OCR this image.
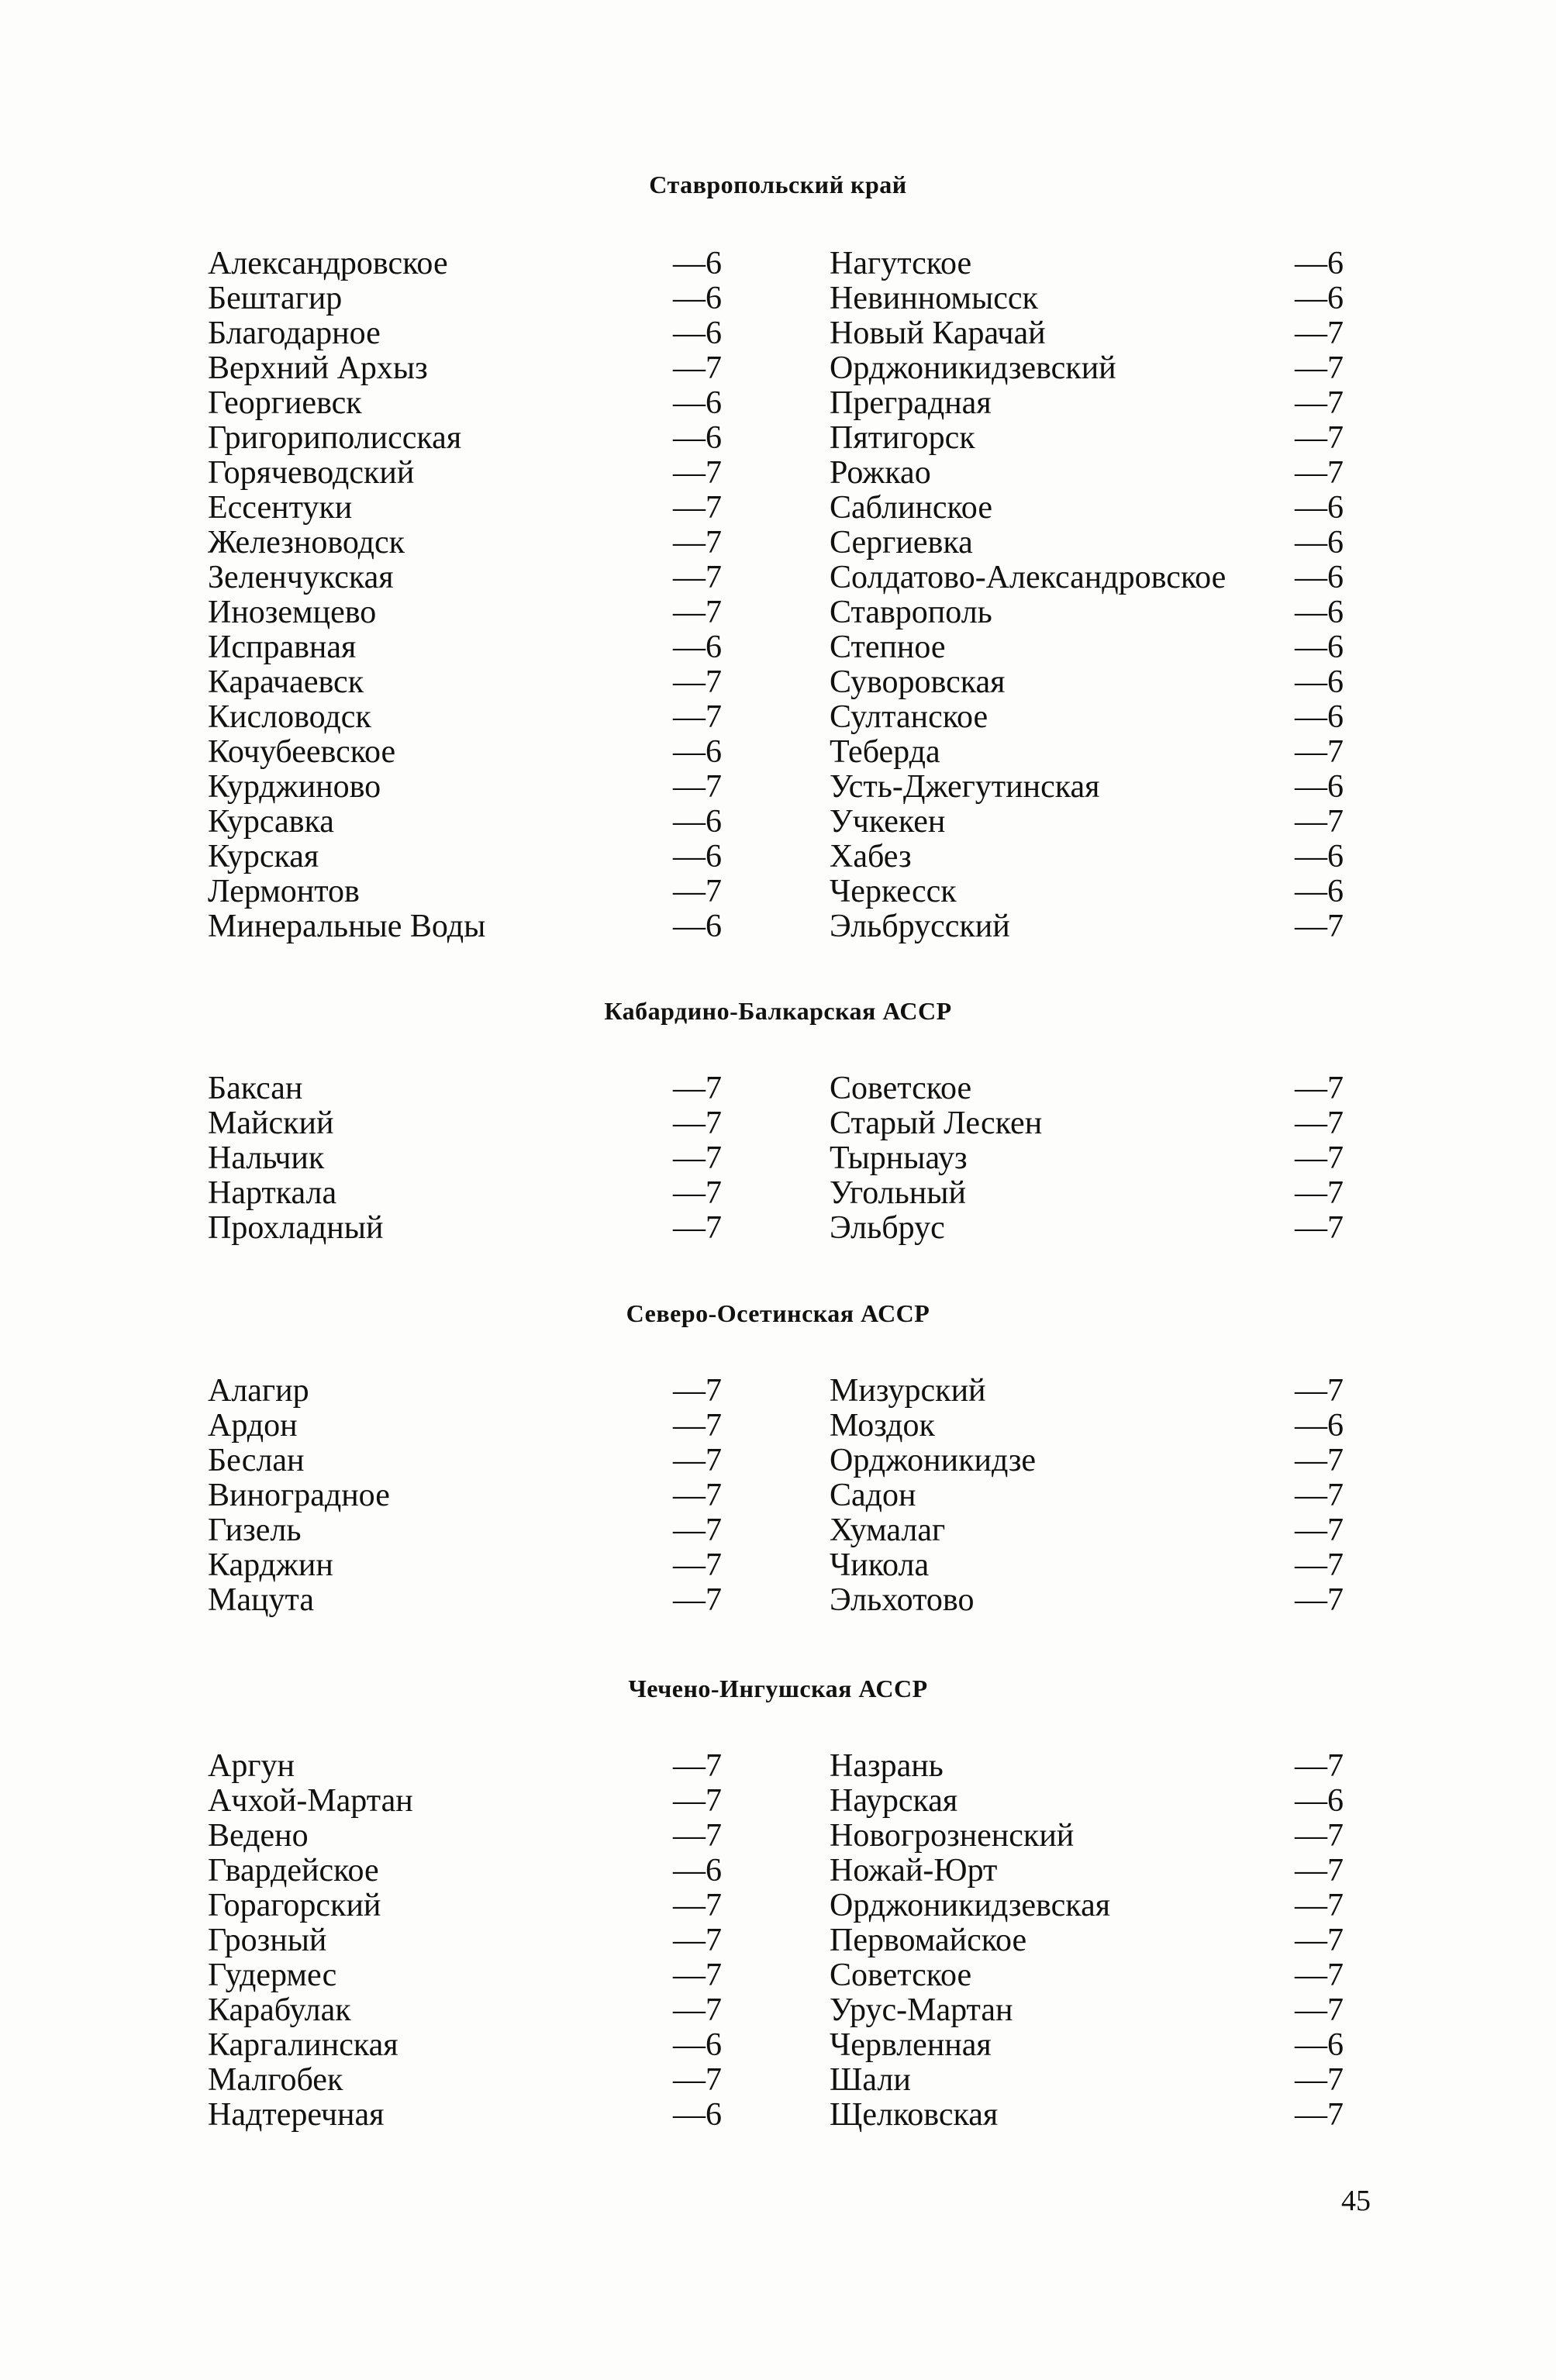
Ставропольский край
Александровское	—6	Нагутское	—6
Бештагир	—6	Невинномысск	—6
Благодарное	—6	Новый Карачай	—7
Верхний Архыз	—7	Орджоникидзевский	—7
Георгиевск	—6	Преградная	—7
Григориполисская	—6	Пятигорск	—7
Горячеводский	—7	Рожкао	—7
Ессентуки	—7	Саблинское	—6
Железноводск	—7	Сергиевка	—6
Зеленчукская	—7	Солдатово-Александровское —6
Иноземцево	—7	Ставрополь	—6
Исправная	—6	Степное	—6
Карачаевск	—7	Суворовская	—6
Кисловодск	—7	Султанское	—6
Кочубеевское	—6	Теберда	—7
Курджиново	—7	Усть-Джегутинская	—6
Курсавка	—6	Учкекен	—7
Курская	—6	Хабез	—6
Лермонтов	—7	Черкесск	—6
Минеральные Воды	—6	Эльбрусский	—7
Кабардино-Балкарская АССР
Баксан	—7	Советское	—7
Майский	—7	Старый Лескен	—7
Нальчик	—7	Тырныауз	—7
Нарткала	—7	Угольный	—7
Прохладный	—7	Эльбрус	—7
Северо-Осетинская АССР
Алагир	—7	Мизурский	—7
Ардон	—7	Моздок	—6
Беслан	—7	Орджоникидзе	—7
Виноградное	—7	Садон	—7
Гизель	—7	Хумалаг	—7
Карджин	—7	Чикола	—7
Мацута	—7	Эльхотово	—7
Чечено-Ингушская АССР
Аргун	—7	Назрань	—7
Ачхой-Мартан	—7	Наурская	—6
Ведено	—7	Новогрозненский	—7
Гвардейское	—6	Ножай-Юрт	—7
Горагорский	—7	Орджоникидзевская	—7
Грозный	—7	Первомайское	—7
Гудермес	—7	Советское	—7
Карабулак	—7	Урус-Мартан	—7
Каргалинская	—6	Червленная	—6
Малгобек	—7	Шали	—7
Надтеречная	—6	Щелковская	—7
45
